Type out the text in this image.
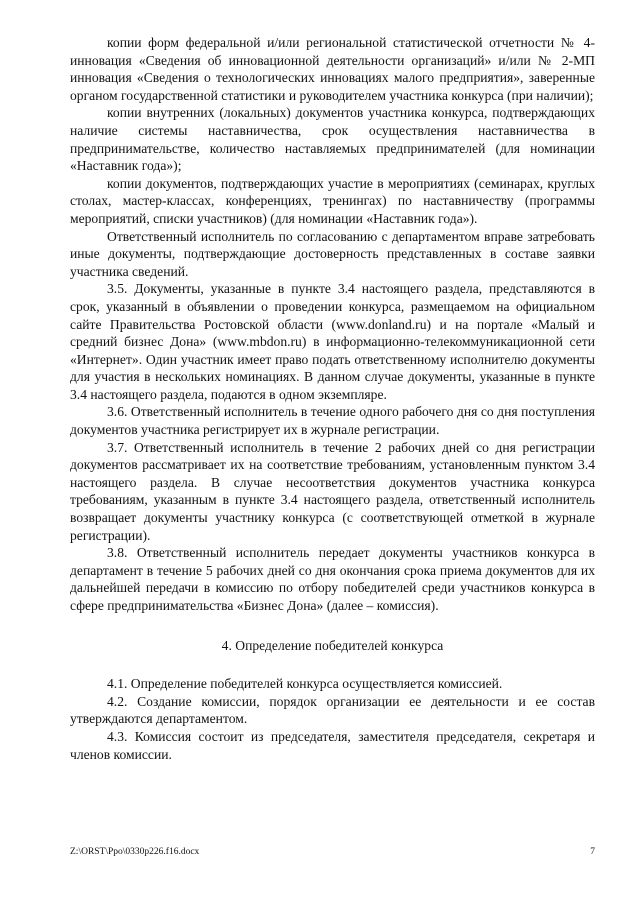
копии форм федеральной и/или региональной статистической отчетности № 4-инновация «Сведения об инновационной деятельности организаций» и/или № 2-МП инновация «Сведения о технологических инновациях малого предприятия», заверенные органом государственной статистики и руководителем участника конкурса (при наличии);

копии внутренних (локальных) документов участника конкурса, подтверждающих наличие системы наставничества, срок осуществления наставничества в предпринимательстве, количество наставляемых предпринимателей (для номинации «Наставник года»);

копии документов, подтверждающих участие в мероприятиях (семинарах, круглых столах, мастер-классах, конференциях, тренингах) по наставничеству (программы мероприятий, списки участников) (для номинации «Наставник года»).

Ответственный исполнитель по согласованию с департаментом вправе затребовать иные документы, подтверждающие достоверность представленных в составе заявки участника сведений.

3.5. Документы, указанные в пункте 3.4 настоящего раздела, представляются в срок, указанный в объявлении о проведении конкурса, размещаемом на официальном сайте Правительства Ростовской области (www.donland.ru) и на портале «Малый и средний бизнес Дона» (www.mbdon.ru) в информационно-телекоммуникационной сети «Интернет». Один участник имеет право подать ответственному исполнителю документы для участия в нескольких номинациях. В данном случае документы, указанные в пункте 3.4 настоящего раздела, подаются в одном экземпляре.

3.6. Ответственный исполнитель в течение одного рабочего дня со дня поступления документов участника регистрирует их в журнале регистрации.

3.7. Ответственный исполнитель в течение 2 рабочих дней со дня регистрации документов рассматривает их на соответствие требованиям, установленным пунктом 3.4 настоящего раздела. В случае несоответствия документов участника конкурса требованиям, указанным в пункте 3.4 настоящего раздела, ответственный исполнитель возвращает документы участнику конкурса (с соответствующей отметкой в журнале регистрации).

3.8. Ответственный исполнитель передает документы участников конкурса в департамент в течение 5 рабочих дней со дня окончания срока приема документов для их дальнейшей передачи в комиссию по отбору победителей среди участников конкурса в сфере предпринимательства «Бизнес Дона» (далее – комиссия).

4. Определение победителей конкурса

4.1. Определение победителей конкурса осуществляется комиссией.

4.2. Создание комиссии, порядок организации ее деятельности и ее состав утверждаются департаментом.

4.3. Комиссия состоит из председателя, заместителя председателя, секретаря и членов комиссии.

Z:\ORST\Ppo\0330p226.f16.docx	7
